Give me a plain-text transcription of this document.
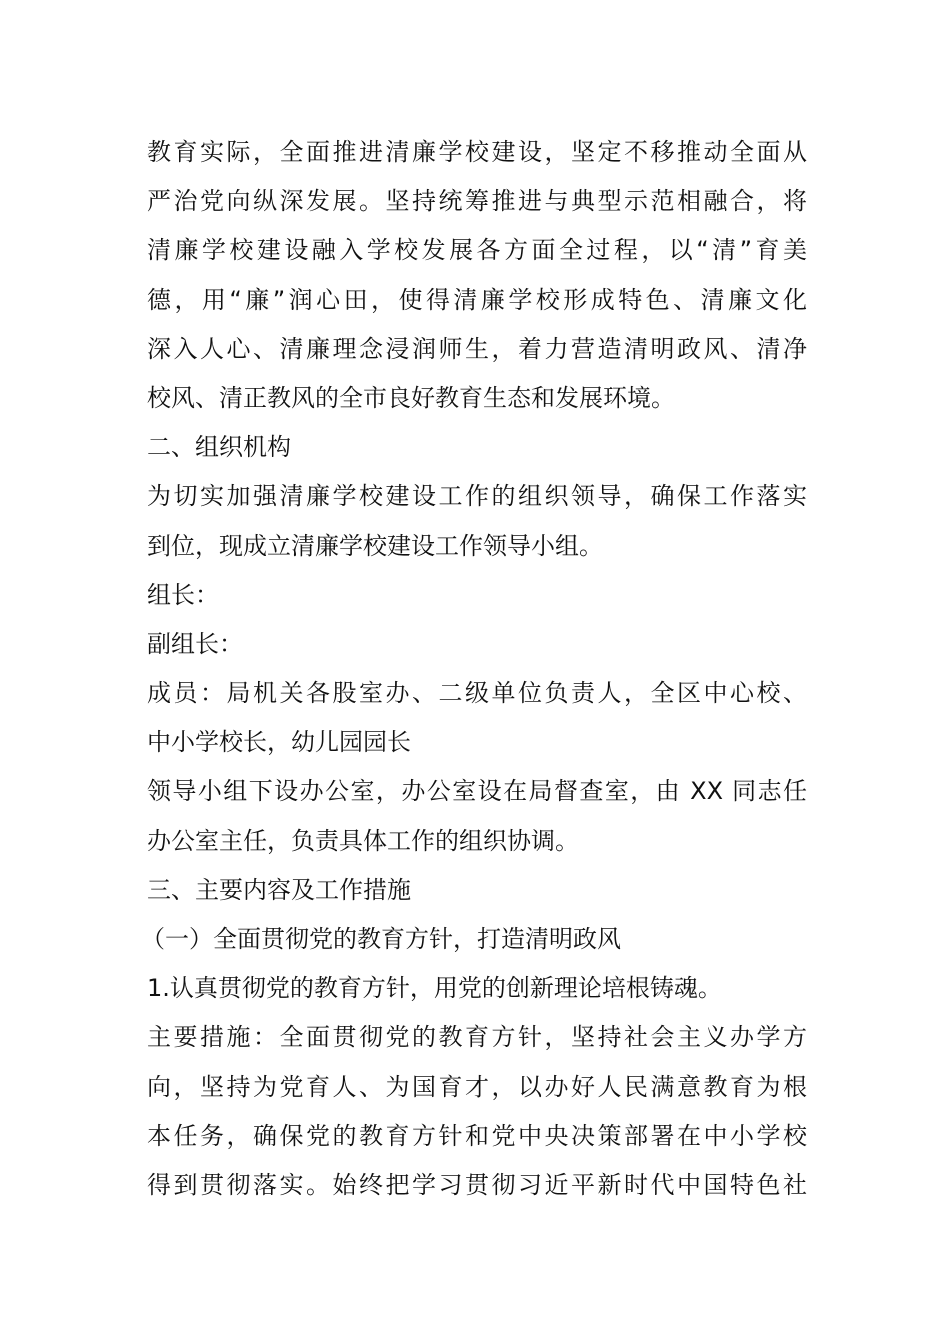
教育实际，全面推进清廉学校建设，坚定不移推动全面从
严治党向纵深发展。坚持统筹推进与典型示范相融合，将
清廉学校建设融入学校发展各方面全过程，以“清”育美
德，用“廉”润心田，使得清廉学校形成特色、清廉文化
深入人心、清廉理念浸润师生，着力营造清明政风、清净
校风、清正教风的全市良好教育生态和发展环境。
二、组织机构
为切实加强清廉学校建设工作的组织领导，确保工作落实
到位，现成立清廉学校建设工作领导小组。
组长：
副组长：
成员：局机关各股室办、二级单位负责人，全区中心校、
中小学校长，幼儿园园长
领导小组下设办公室，办公室设在局督查室，由 XX 同志任
办公室主任，负责具体工作的组织协调。
三、主要内容及工作措施
（一）全面贯彻党的教育方针，打造清明政风
1.认真贯彻党的教育方针，用党的创新理论培根铸魂。
主要措施：全面贯彻党的教育方针，坚持社会主义办学方
向，坚持为党育人、为国育才，以办好人民满意教育为根
本任务，确保党的教育方针和党中央决策部署在中小学校
得到贯彻落实。始终把学习贯彻习近平新时代中国特色社
